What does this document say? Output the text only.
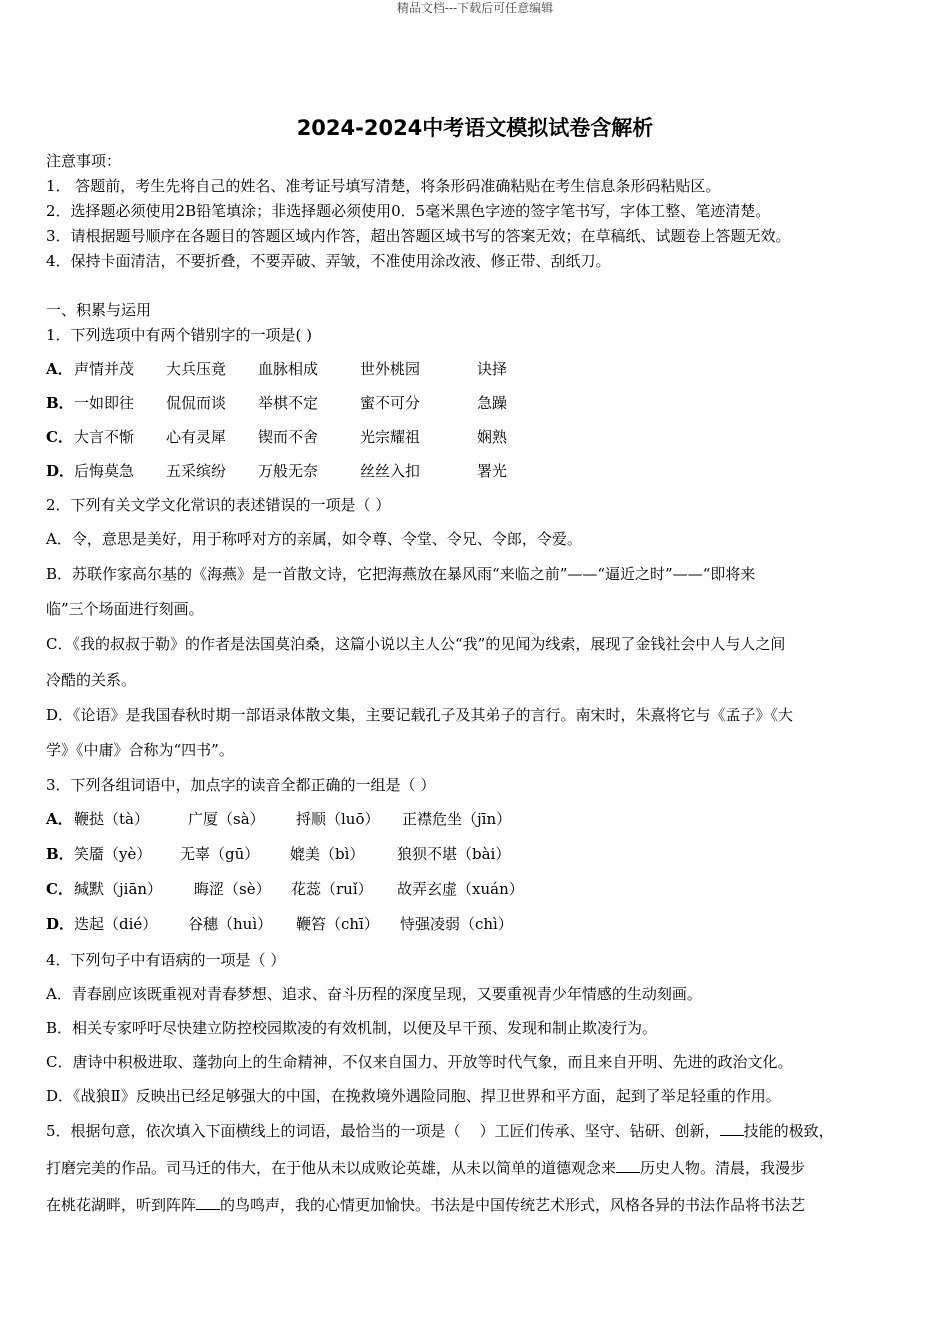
精品文档---下载后可任意编辑
2024-2024中考语文模拟试卷含解析
注意事项：
1． 答题前，考生先将自己的姓名、准考证号填写清楚，将条形码准确粘贴在考生信息条形码粘贴区。
2．选择题必须使用2B铅笔填涂；非选择题必须使用0．5毫米黑色字迹的签字笔书写，字体工整、笔迹清楚。
3．请根据题号顺序在各题目的答题区域内作答，超出答题区域书写的答案无效；在草稿纸、试题卷上答题无效。
4．保持卡面清洁，不要折叠，不要弄破、弄皱，不准使用涂改液、修正带、刮纸刀。
一、积累与运用
1．下列选项中有两个错别字的一项是( )
A． 声情并茂 大兵压竟 血脉相成	世外桃园	诀择
B． 一如即往 侃侃而谈 举棋不定	蜜不可分	急躁
C． 大言不惭 心有灵犀 锲而不舍	光宗耀祖	娴熟
D． 后悔莫急 五采缤纷 万般无奈	丝丝入扣	署光
2．下列有关文学文化常识的表述错误的一项是（ ）
A．令，意思是美好，用于称呼对方的亲属，如令尊、令堂、令兄、令郎，令爱。
B．苏联作家高尔基的《海燕》是一首散文诗，它把海燕放在暴风雨“来临之前”——“逼近之时”——“即将来
临”三个场面进行刻画。
C．《我的叔叔于勒》的作者是法国莫泊桑，这篇小说以主人公“我”的见闻为线索，展现了金钱社会中人与人之间
冷酷的关系。
D．《论语》是我国春秋时期一部语录体散文集，主要记载孔子及其弟子的言行。南宋时，朱熹将它与《孟子》《大
学》《中庸》合称为“四书”。
3．下列各组词语中，加点字的读音全都正确的一组是（ ）
A． 鞭挞（tà）	广厦（sà） 捋顺（luō） 正襟危坐（jīn）
B． 笑靥（yè） 无辜（gū） 媲美（bì） 狼狈不堪（bài）
C． 缄默（jiān） 晦涩（sè） 花蕊（ruǐ） 故弄玄虚（xuán）
D． 迭起（dié） 谷穗（huì） 鞭笞（chī） 恃强凌弱（chì）
4．下列句子中有语病的一项是（ ）
A．青春剧应该既重视对青春梦想、追求、奋斗历程的深度呈现，又要重视青少年情感的生动刻画。
B．相关专家呼吁尽快建立防控校园欺凌的有效机制，以便及早干预、发现和制止欺凌行为。
C．唐诗中积极进取、蓬勃向上的生命精神，不仅来自国力、开放等时代气象，而且来自开明、先进的政治文化。
D．《战狼Ⅱ》反映出已经足够强大的中国，在挽救境外遇险同胞、捍卫世界和平方面，起到了举足轻重的作用。
5．根据句意，依次填入下面横线上的词语，最恰当的一项是（ ）工匠们传承、坚守、钻研、创新， 技能的极致，
打磨完美的作品。司马迁的伟大，在于他从未以成败论英雄，从未以简单的道德观念来 历史人物。清晨，我漫步
在桃花湖畔，听到阵阵 的鸟鸣声，我的心情更加愉快。书法是中国传统艺术形式，风格各异的书法作品将书法艺
